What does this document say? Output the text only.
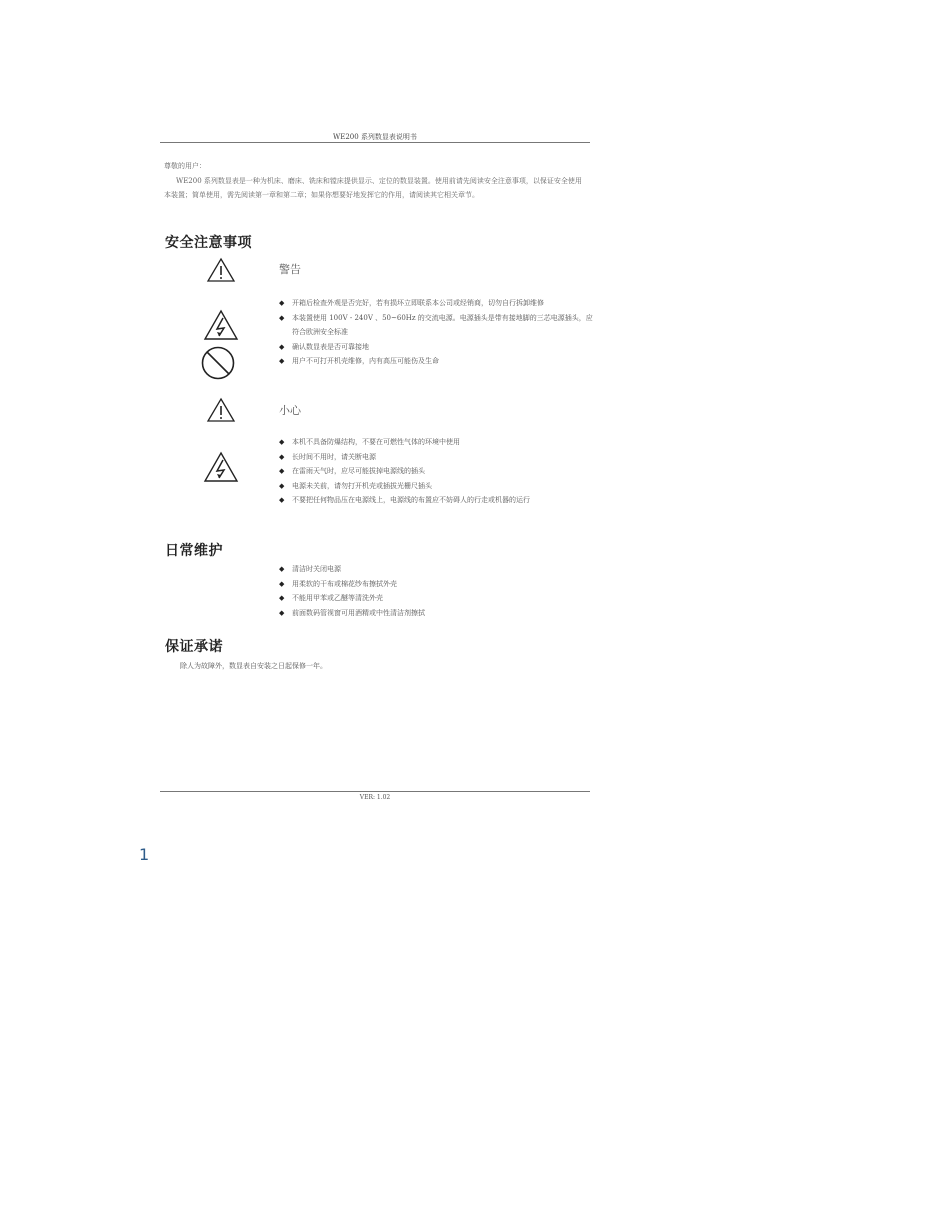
WE200 系列数显表说明书
尊敬的用户：
WE200 系列数显表是一种为机床、磨床、铣床和镗床提供显示、定位的数显装置。使用前请先阅读安全注意事项，以保证安全使用本装置；简单使用，需先阅读第一章和第二章；如果你想要好地发挥它的作用，请阅读其它相关章节。
安全注意事项
警告
◆ 开箱后检查外观是否完好，若有损坏立即联系本公司或经销商，切勿自行拆卸维修
◆ 本装置使用 100V - 240V 、50~60Hz 的交流电源。电源插头是带有接地脚的三芯电源插头，应符合欧洲安全标准
◆ 确认数显表是否可靠接地
◆ 用户不可打开机壳维修，内有高压可能伤及生命
小心
◆ 本机不具备防爆结构，不要在可燃性气体的环境中使用
◆ 长时间不用时，请关断电源
◆ 在雷雨天气时，应尽可能拔掉电源线的插头
◆ 电源未关前，请勿打开机壳或插拔光栅尺插头
◆ 不要把任何物品压在电源线上，电源线的布置应不妨碍人的行走或机器的运行
日常维护
◆ 清洁时关闭电源
◆ 用柔软的干布或棉花纱布擦拭外壳
◆ 不能用甲苯或乙醚等清洗外壳
◆ 前面数码管视窗可用酒精或中性清洁剂擦拭
保证承诺
除人为故障外，数显表自安装之日起保修一年。
VER: 1.02
1
